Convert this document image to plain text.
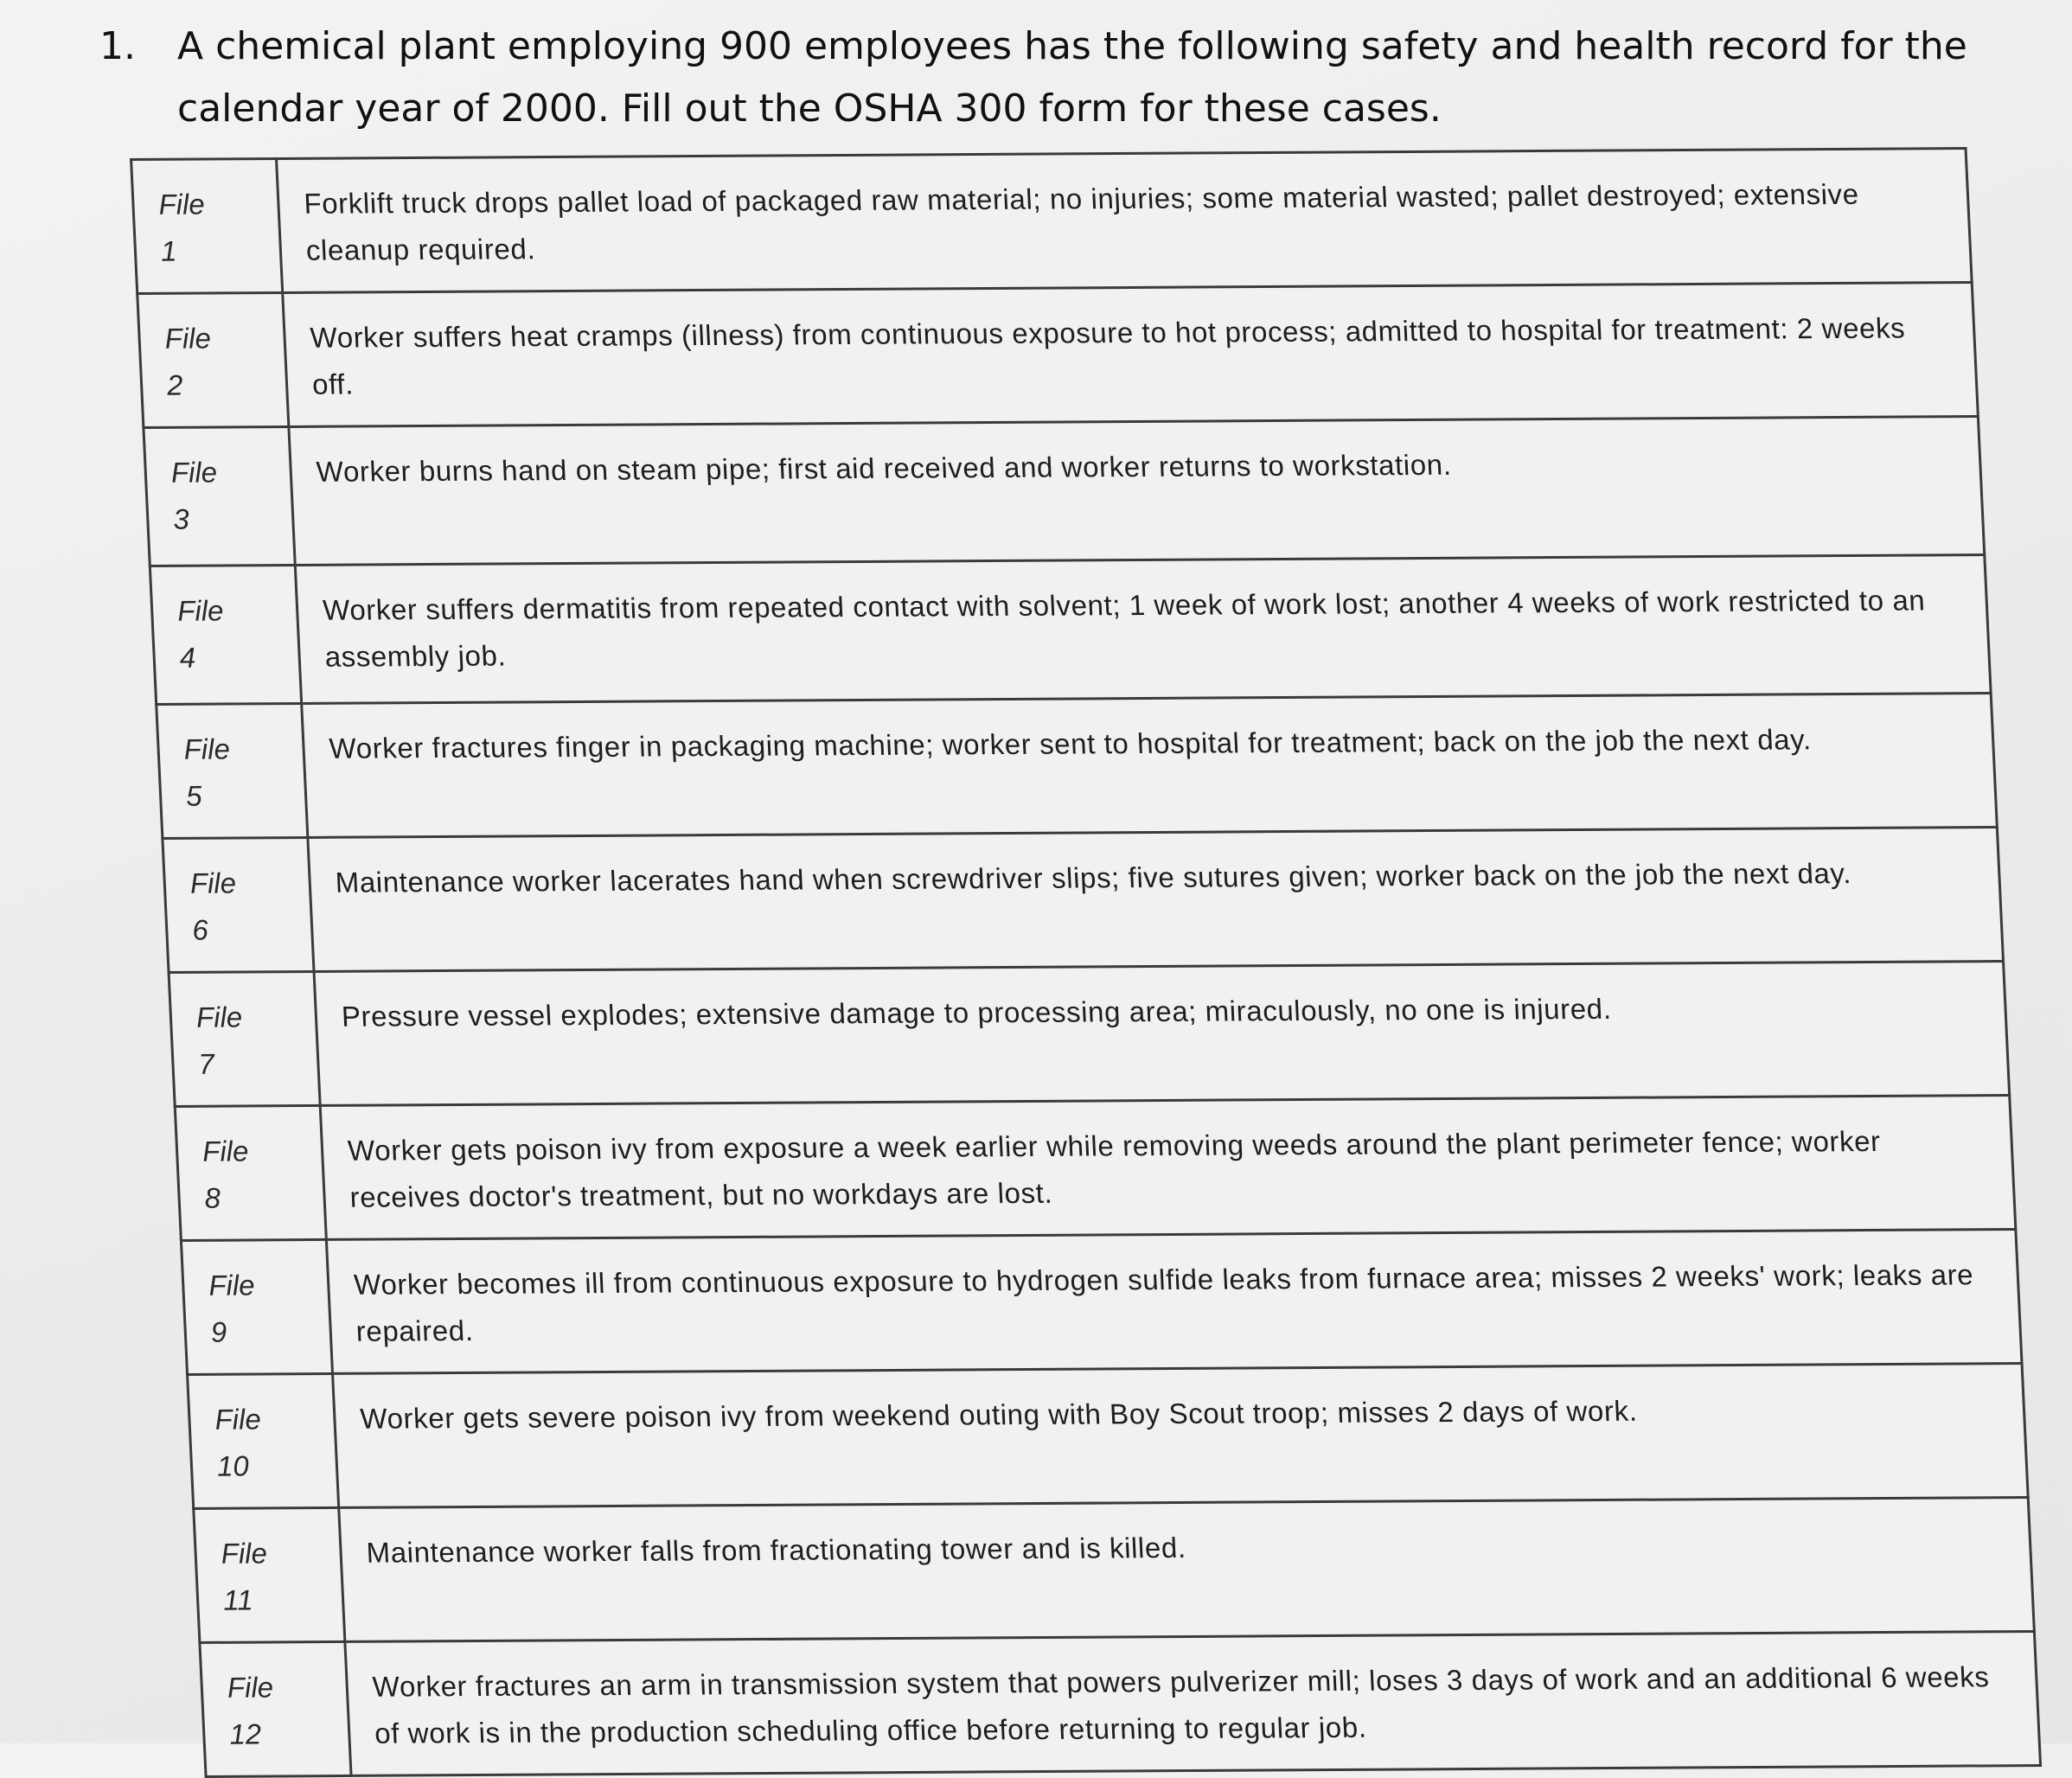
1.	A chemical plant employing 900 employees has the following safety and health record for the calendar year of 2000. Fill out the OSHA 300 form for these cases.
File
1	Forklift truck drops pallet load of packaged raw material; no injuries; some material wasted; pallet destroyed; extensive cleanup required.

File
2	Worker suffers heat cramps (illness) from continuous exposure to hot process; admitted to hospital for treatment: 2 weeks off.

File
3	Worker burns hand on steam pipe; first aid received and worker returns to workstation.

File
4	Worker suffers dermatitis from repeated contact with solvent; 1 week of work lost; another 4 weeks of work restricted to an assembly job.

File
5	Worker fractures finger in packaging machine; worker sent to hospital for treatment; back on the job the next day.

File
6	Maintenance worker lacerates hand when screwdriver slips; five sutures given; worker back on the job the next day.

File
7	Pressure vessel explodes; extensive damage to processing area; miraculously, no one is injured.

File
8	Worker gets poison ivy from exposure a week earlier while removing weeds around the plant perimeter fence; worker receives doctor's treatment, but no workdays are lost.

File
9	Worker becomes ill from continuous exposure to hydrogen sulfide leaks from furnace area; misses 2 weeks' work; leaks are repaired.

File
10	Worker gets severe poison ivy from weekend outing with Boy Scout troop; misses 2 days of work.

File
11	Maintenance worker falls from fractionating tower and is killed.

File
12	Worker fractures an arm in transmission system that powers pulverizer mill; loses 3 days of work and an additional 6 weeks of work is in the production scheduling office before returning to regular job.
